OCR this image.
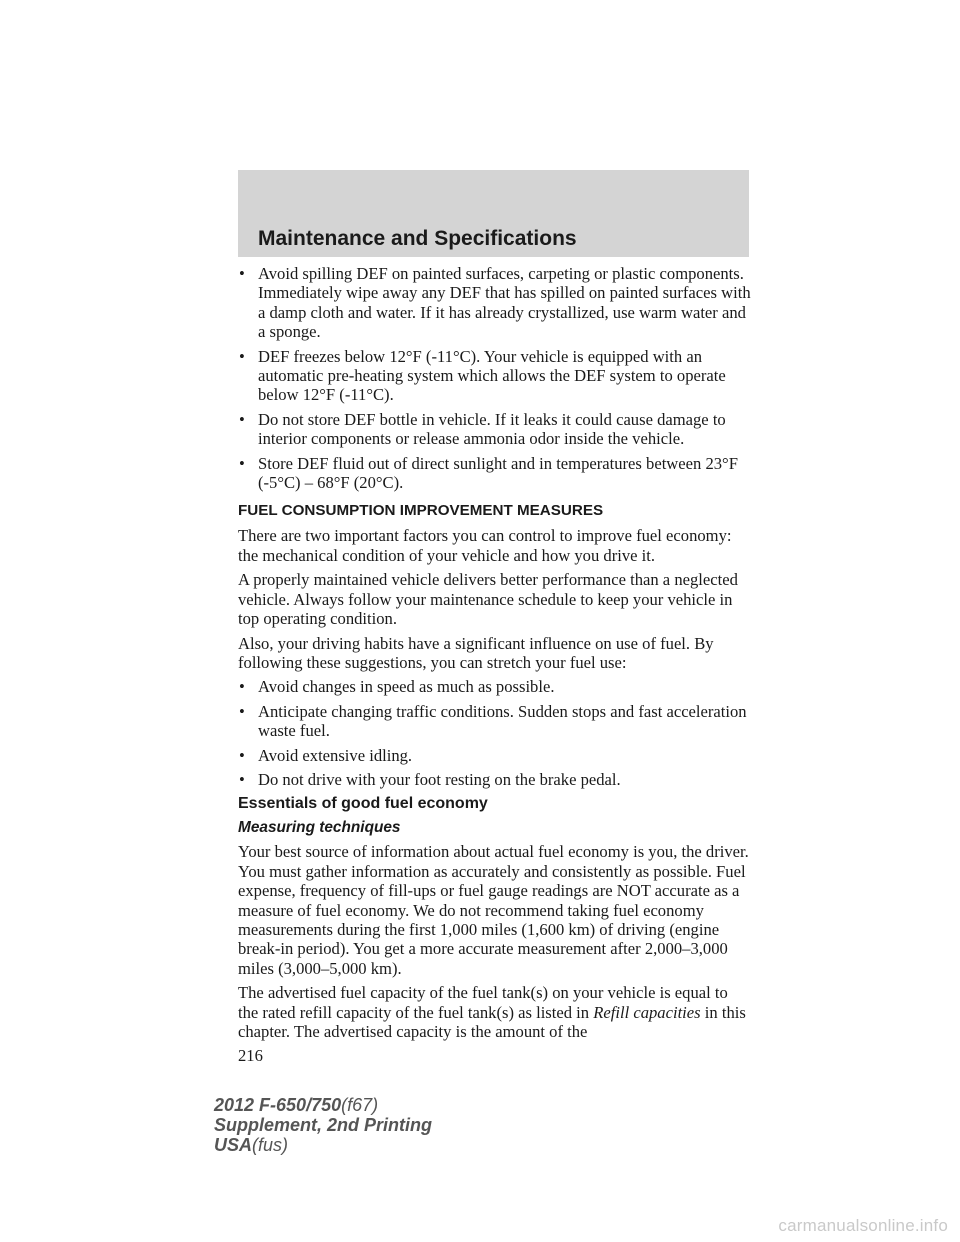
Maintenance and Specifications
• Avoid spilling DEF on painted surfaces, carpeting or plastic components. Immediately wipe away any DEF that has spilled on painted surfaces with a damp cloth and water. If it has already crystallized, use warm water and a sponge.
• DEF freezes below 12°F (-11°C). Your vehicle is equipped with an automatic pre-heating system which allows the DEF system to operate below 12°F (-11°C).
• Do not store DEF bottle in vehicle. If it leaks it could cause damage to interior components or release ammonia odor inside the vehicle.
• Store DEF fluid out of direct sunlight and in temperatures between 23°F (-5°C) – 68°F (20°C).
FUEL CONSUMPTION IMPROVEMENT MEASURES

There are two important factors you can control to improve fuel economy: the mechanical condition of your vehicle and how you drive it.

A properly maintained vehicle delivers better performance than a neglected vehicle. Always follow your maintenance schedule to keep your vehicle in top operating condition.

Also, your driving habits have a significant influence on use of fuel. By following these suggestions, you can stretch your fuel use:

• Avoid changes in speed as much as possible.
• Anticipate changing traffic conditions. Sudden stops and fast acceleration waste fuel.
• Avoid extensive idling.
• Do not drive with your foot resting on the brake pedal.
Essentials of good fuel economy
Measuring techniques

Your best source of information about actual fuel economy is you, the driver. You must gather information as accurately and consistently as possible. Fuel expense, frequency of fill-ups or fuel gauge readings are NOT accurate as a measure of fuel economy. We do not recommend taking fuel economy measurements during the first 1,000 miles (1,600 km) of driving (engine break-in period). You get a more accurate measurement after 2,000–3,000 miles (3,000–5,000 km).

The advertised fuel capacity of the fuel tank(s) on your vehicle is equal to the rated refill capacity of the fuel tank(s) as listed in Refill capacities in this chapter. The advertised capacity is the amount of the

216
2012 F-650/750(f67)
Supplement, 2nd Printing
USA(fus)
carmanualsonline.info
